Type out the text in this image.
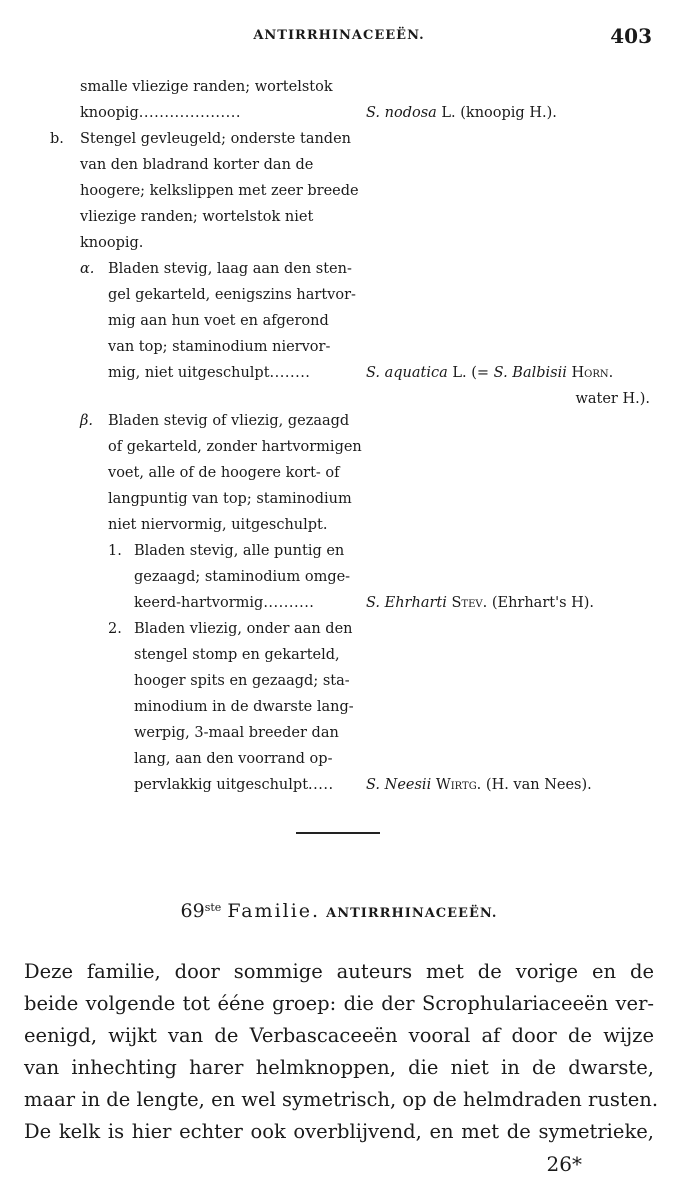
ANTIRRHINACEEËN.	403
smalle vliezige randen; wortelstok
knoopig....................	S. nodosa L. (knoopig H.).
b. Stengel gevleugeld; onderste tanden
van den bladrand korter dan de
hoogere; kelkslippen met zeer breede
vliezige randen; wortelstok niet
knoopig.
α. Bladen stevig, laag aan den sten-
gel gekarteld, eenigszins hartvor-
mig aan hun voet en afgerond
van top; staminodium niervor-
mig, niet uitgeschulpt........	S. aquatica L. (= S. Balbisii Horn.
water H.).
β. Bladen stevig of vliezig, gezaagd
of gekarteld, zonder hartvormigen
voet, alle of de hoogere kort- of
langpuntig van top; staminodium
niet niervormig, uitgeschulpt.
1. Bladen stevig, alle puntig en
gezaagd; staminodium omge-
keerd-hartvormig..........	S. Ehrharti Stev. (Ehrhart's H).
2. Bladen vliezig, onder aan den
stengel stomp en gekarteld,
hooger spits en gezaagd; sta-
minodium in de dwarste lang-
werpig, 3-maal breeder dan
lang, aan den voorrand op-
pervlakkig uitgeschulpt..... S. Neesii Wirtg. (H. van Nees).
69ste Familie. ANTIRRHINACEEËN.
Deze familie, door sommige auteurs met de vorige en de
beide volgende tot ééne groep: die der Scrophulariaceeën ver-
eenigd, wijkt van de Verbascaceeën vooral af door de wijze
van inhechting harer helmknoppen, die niet in de dwarste,
maar in de lengte, en wel symetrisch, op de helmdraden rusten.
De kelk is hier echter ook overblijvend, en met de symetrieke,
26*
